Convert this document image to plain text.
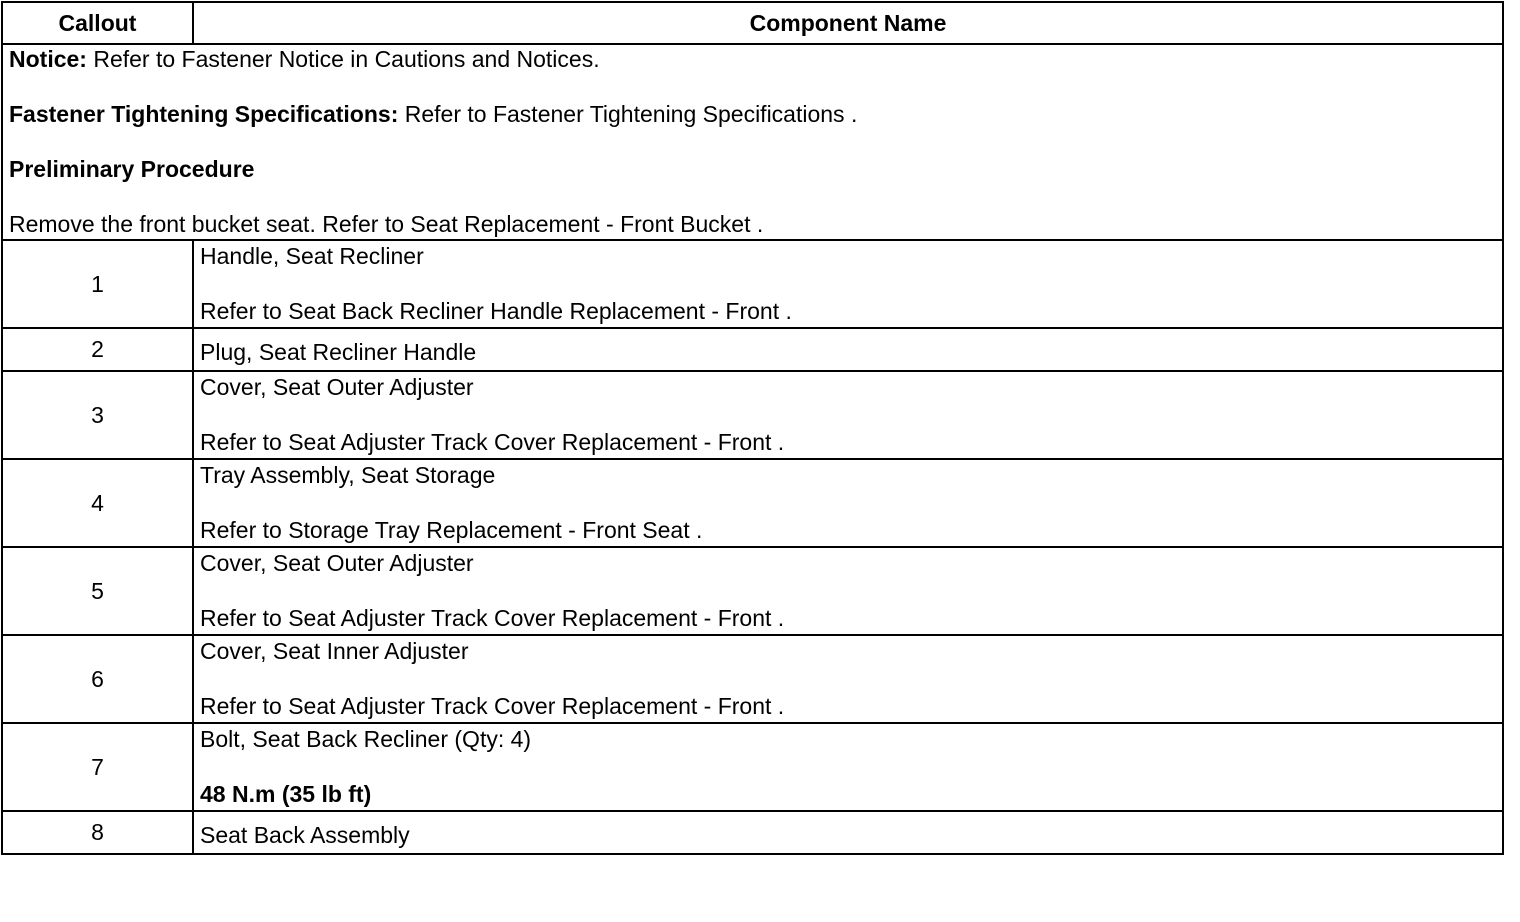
Callout	Component Name

Notice: Refer to Fastener Notice in Cautions and Notices.

Fastener Tightening Specifications: Refer to Fastener Tightening Specifications .

Preliminary Procedure

Remove the front bucket seat. Refer to Seat Replacement - Front Bucket .	

1	Handle, Seat Recliner

Refer to Seat Back Recliner Handle Replacement - Front .

2	Plug, Seat Recliner Handle

3	Cover, Seat Outer Adjuster

Refer to Seat Adjuster Track Cover Replacement - Front .

4	Tray Assembly, Seat Storage

Refer to Storage Tray Replacement - Front Seat .

5	Cover, Seat Outer Adjuster

Refer to Seat Adjuster Track Cover Replacement - Front .

6	Cover, Seat Inner Adjuster

Refer to Seat Adjuster Track Cover Replacement - Front .

7	Bolt, Seat Back Recliner (Qty: 4)

48 N.m (35 lb ft)

8	Seat Back Assembly
